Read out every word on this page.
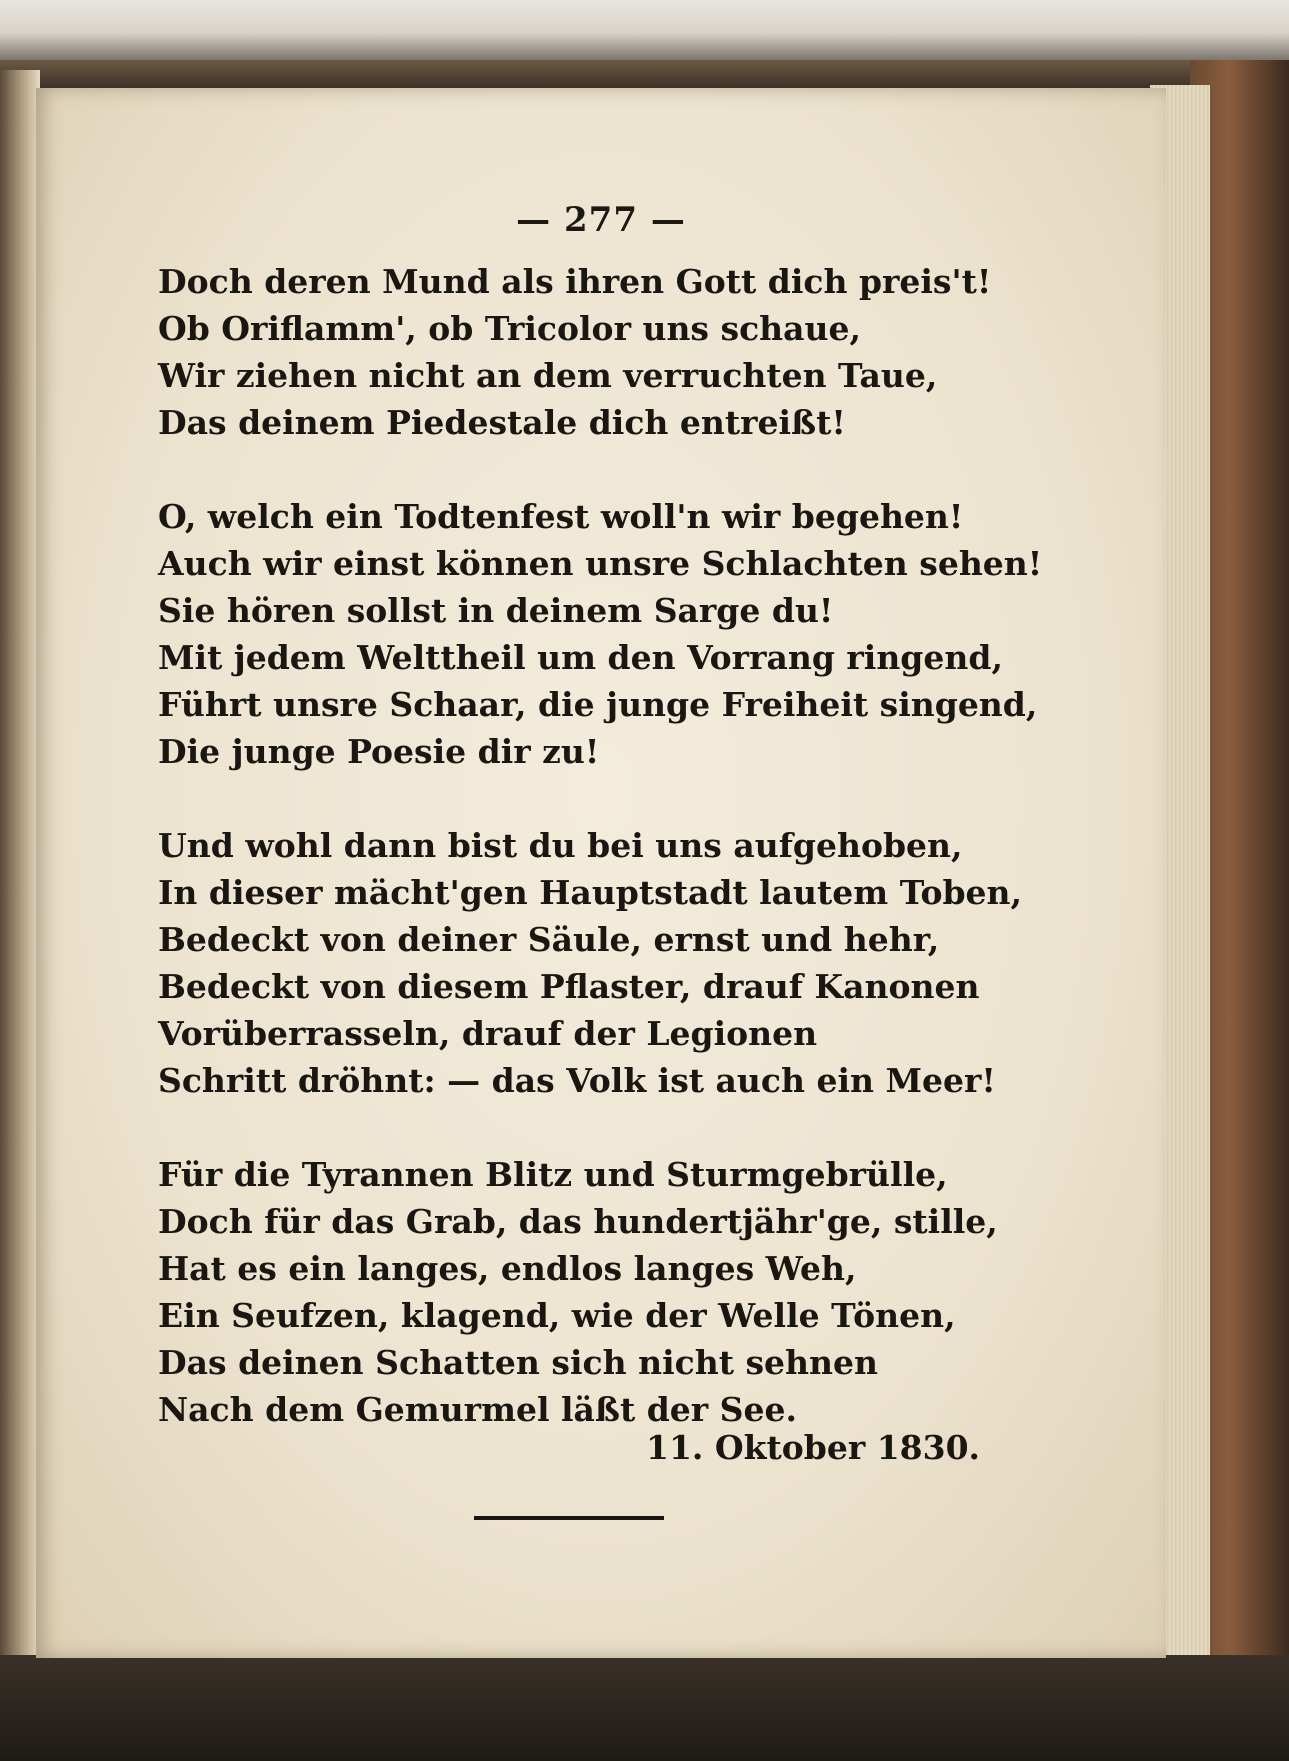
— 277 —
Doch deren Mund als ihren Gott dich preis't!
Ob Oriflamm', ob Tricolor uns schaue,
Wir ziehen nicht an dem verruchten Taue,
Das deinem Piedestale dich entreißt!
O, welch ein Todtenfest woll'n wir begehen!
Auch wir einst können unsre Schlachten sehen!
Sie hören sollst in deinem Sarge du!
Mit jedem Welttheil um den Vorrang ringend,
Führt unsre Schaar, die junge Freiheit singend,
Die junge Poesie dir zu!
Und wohl dann bist du bei uns aufgehoben,
In dieser mächt'gen Hauptstadt lautem Toben,
Bedeckt von deiner Säule, ernst und hehr,
Bedeckt von diesem Pflaster, drauf Kanonen
Vorüberrasseln, drauf der Legionen
Schritt dröhnt: — das Volk ist auch ein Meer!
Für die Tyrannen Blitz und Sturmgebrülle,
Doch für das Grab, das hundertjähr'ge, stille,
Hat es ein langes, endlos langes Weh,
Ein Seufzen, klagend, wie der Welle Tönen,
Das deinen Schatten sich nicht sehnen
Nach dem Gemurmel läßt der See.
11. Oktober 1830.
